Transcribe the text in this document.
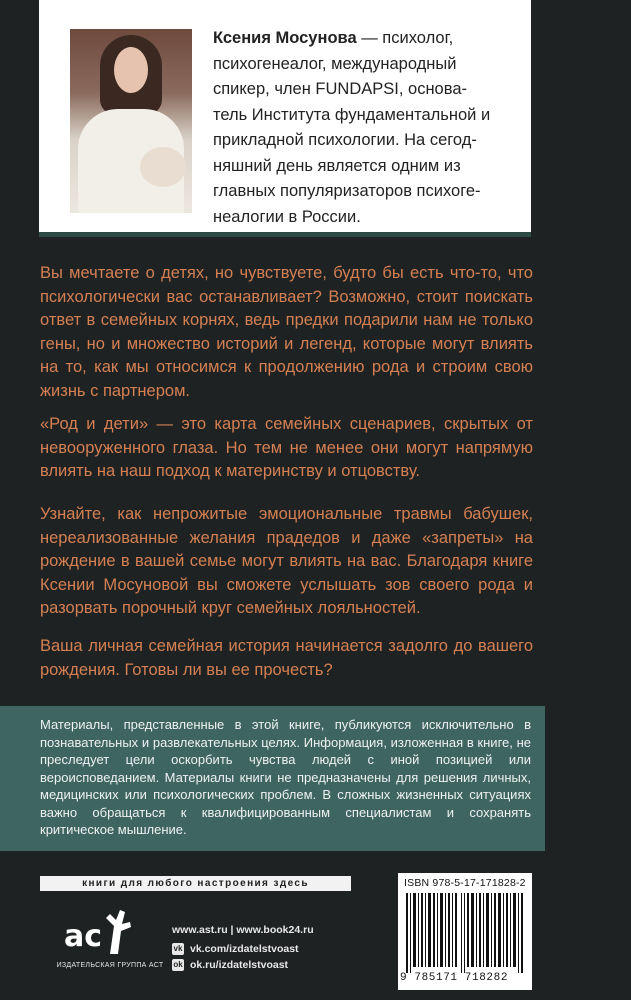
Ксения Мосунова — психолог,
психогенеалог, международный
спикер, член FUNDAPSI, основа-
тель Института фундаментальной и
прикладной психологии. На сегод-
няшний день является одним из
главных популяризаторов психоге-
неалогии в России.

Вы мечтаете о детях, но чувствуете, будто бы есть что-то, что психологически вас останавливает? Возможно, стоит поискать ответ в семейных корнях, ведь предки подарили нам не только гены, но и множество историй и легенд, которые могут влиять на то, как мы относимся к продолжению рода и строим свою жизнь с партнером.

«Род и дети» — это карта семейных сценариев, скрытых от невооруженного глаза. Но тем не менее они могут напрямую влиять на наш подход к материнству и отцовству.

Узнайте, как непрожитые эмоциональные травмы бабушек, нереализованные желания прадедов и даже «запреты» на рождение в вашей семье могут влиять на вас. Благодаря книге Ксении Мосуновой вы сможете услышать зов своего рода и разорвать порочный круг семейных лояльностей.

Ваша личная семейная история начинается задолго до вашего рождения. Готовы ли вы ее прочесть?

Материалы, представленные в этой книге, публикуются исключительно в познавательных и развлекательных целях. Информация, изложенная в книге, не преследует цели оскорбить чувства людей с иной позицией или вероисповеданием. Материалы книги не предназначены для решения личных, медицинских или психологических проблем. В сложных жизненных ситуациях важно обращаться к квалифицированным специалистам и сохранять критическое мышление.
книги для любого настроения здесь
ac
ИЗДАТЕЛЬСКАЯ ГРУППА АСТ
www.ast.ru | www.book24.ru
vk vk.com/izdatelstvoast
ok ok.ru/izdatelstvoast
ISBN 978-5-17-171828-2
9 785171 718282
